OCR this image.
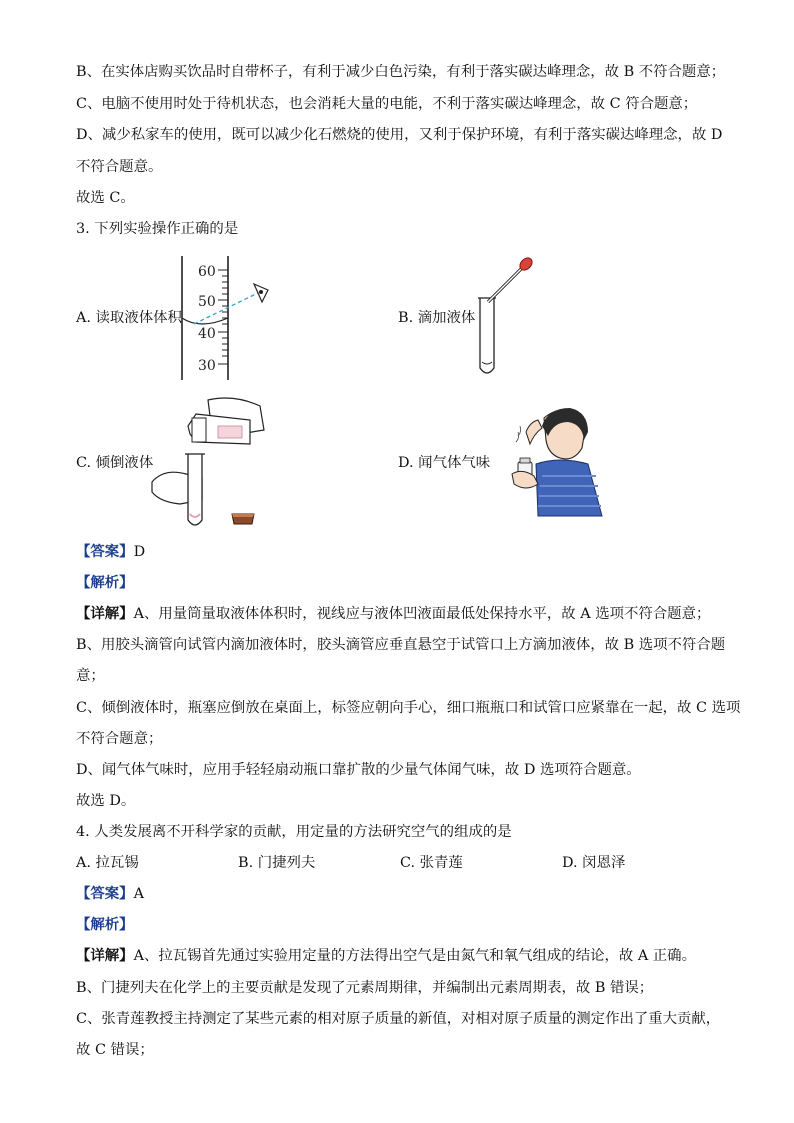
B、在实体店购买饮品时自带杯子，有利于减少白色污染，有利于落实碳达峰理念，故 B 不符合题意；
C、电脑不使用时处于待机状态，也会消耗大量的电能，不利于落实碳达峰理念，故 C 符合题意；
D、减少私家车的使用，既可以减少化石燃烧的使用，又利于保护环境，有利于落实碳达峰理念，故 D
不符合题意。
故选 C。
3. 下列实验操作正确的是
A. 读取液体体积
60
50
40
30
B. 滴加液体
C. 倾倒液体	D. 闻气体气味
【答案】D
【解析】
【详解】A、用量筒量取液体体积时，视线应与液体凹液面最低处保持水平，故 A 选项不符合题意；
B、用胶头滴管向试管内滴加液体时，胶头滴管应垂直悬空于试管口上方滴加液体，故 B 选项不符合题
意；
C、倾倒液体时，瓶塞应倒放在桌面上，标签应朝向手心，细口瓶瓶口和试管口应紧靠在一起，故 C 选项
不符合题意；
D、闻气体气味时，应用手轻轻扇动瓶口靠扩散的少量气体闻气味，故 D 选项符合题意。
故选 D。
4. 人类发展离不开科学家的贡献，用定量的方法研究空气的组成的是
A. 拉瓦锡	B. 门捷列夫	C. 张青莲	D. 闵恩泽
【答案】A
【解析】
【详解】A、拉瓦锡首先通过实验用定量的方法得出空气是由氮气和氧气组成的结论，故 A 正确。
B、门捷列夫在化学上的主要贡献是发现了元素周期律，并编制出元素周期表，故 B 错误；
C、张青莲教授主持测定了某些元素的相对原子质量的新值，对相对原子质量的测定作出了重大贡献，
故 C 错误；
